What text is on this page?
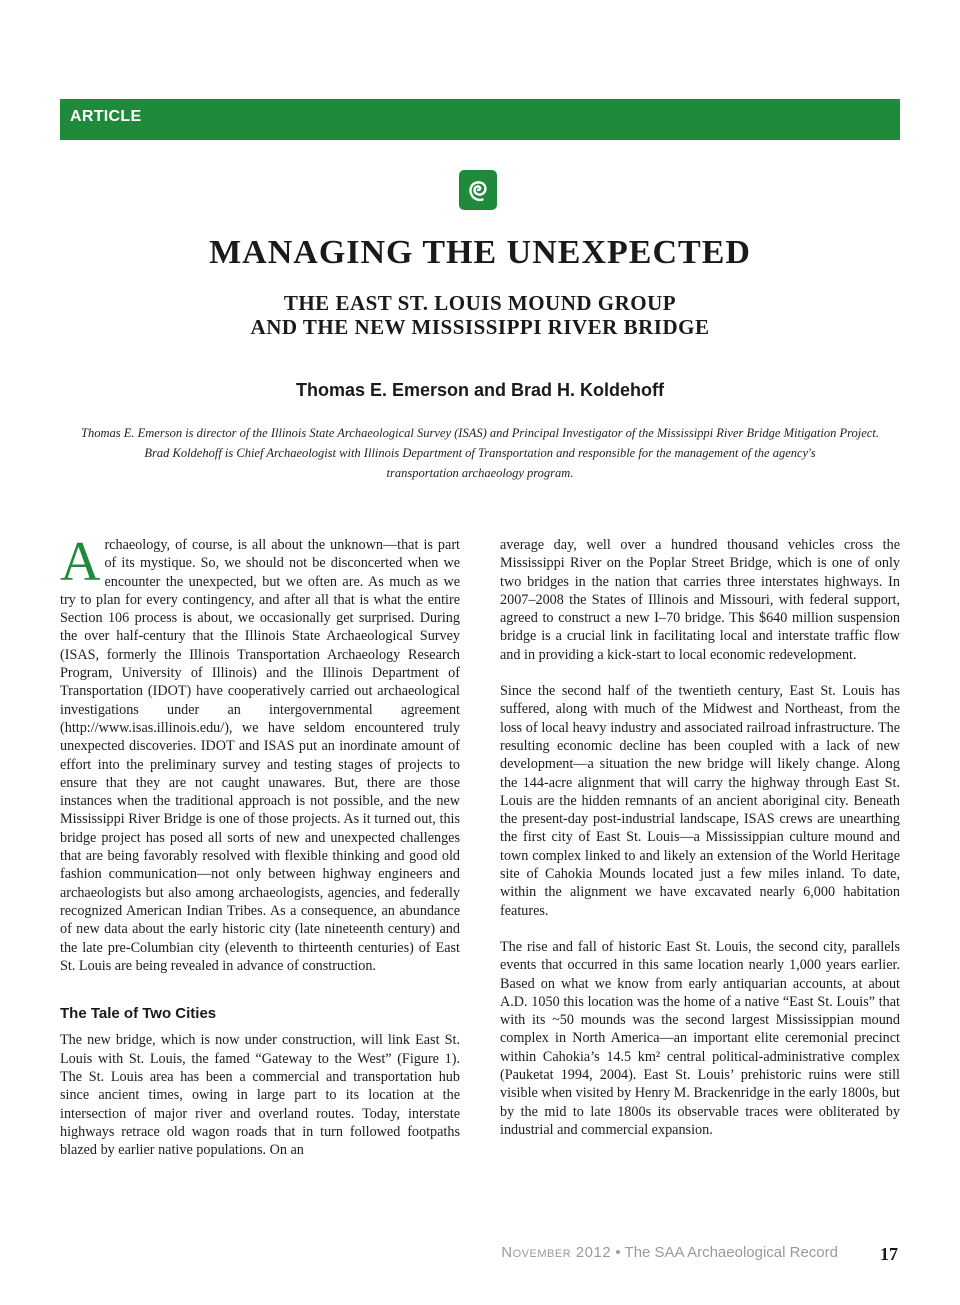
ARTICLE
MANAGING THE UNEXPECTED
THE EAST ST. LOUIS MOUND GROUP
AND THE NEW MISSISSIPPI RIVER BRIDGE
Thomas E. Emerson and Brad H. Koldehoff
Thomas E. Emerson is director of the Illinois State Archaeological Survey (ISAS) and Principal Investigator of the Mississippi River Bridge Mitigation Project.
Brad Koldehoff is Chief Archaeologist with Illinois Department of Transportation and responsible for the management of the agency's
transportation archaeology program.

Archaeology, of course, is all about the unknown—that is part of its mystique. So, we should not be disconcerted when we encounter the unexpected, but we often are. As much as we try to plan for every contingency, and after all that is what the entire Section 106 process is about, we occasionally get surprised. During the over half-century that the Illinois State Archaeological Survey (ISAS, formerly the Illinois Transportation Archaeology Research Program, University of Illinois) and the Illinois Department of Transportation (IDOT) have cooperatively carried out archaeological investigations under an intergovernmental agreement (http://www.isas.illinois.edu/), we have seldom encountered truly unexpected discoveries. IDOT and ISAS put an inordinate amount of effort into the preliminary survey and testing stages of projects to ensure that they are not caught unawares. But, there are those instances when the traditional approach is not possible, and the new Mississippi River Bridge is one of those projects. As it turned out, this bridge project has posed all sorts of new and unexpected challenges that are being favorably resolved with flexible thinking and good old fashion communication—not only between highway engineers and archaeologists but also among archaeologists, agencies, and federally recognized American Indian Tribes. As a consequence, an abundance of new data about the early historic city (late nineteenth century) and the late pre-Columbian city (eleventh to thirteenth centuries) of East St. Louis are being revealed in advance of construction.

The Tale of Two Cities

The new bridge, which is now under construction, will link East St. Louis with St. Louis, the famed “Gateway to the West” (Figure 1). The St. Louis area has been a commercial and transportation hub since ancient times, owing in large part to its location at the intersection of major river and overland routes. Today, interstate highways retrace old wagon roads that in turn followed footpaths blazed by earlier native populations. On an

average day, well over a hundred thousand vehicles cross the Mississippi River on the Poplar Street Bridge, which is one of only two bridges in the nation that carries three interstates highways. In 2007–2008 the States of Illinois and Missouri, with federal support, agreed to construct a new I–70 bridge. This $640 million suspension bridge is a crucial link in facilitating local and interstate traffic flow and in providing a kick-start to local economic redevelopment.

Since the second half of the twentieth century, East St. Louis has suffered, along with much of the Midwest and Northeast, from the loss of local heavy industry and associated railroad infrastructure. The resulting economic decline has been coupled with a lack of new development—a situation the new bridge will likely change. Along the 144-acre alignment that will carry the highway through East St. Louis are the hidden remnants of an ancient aboriginal city. Beneath the present-day post-industrial landscape, ISAS crews are unearthing the first city of East St. Louis—a Mississippian culture mound and town complex linked to and likely an extension of the World Heritage site of Cahokia Mounds located just a few miles inland. To date, within the alignment we have excavated nearly 6,000 habitation features.

The rise and fall of historic East St. Louis, the second city, parallels events that occurred in this same location nearly 1,000 years earlier. Based on what we know from early antiquarian accounts, at about A.D. 1050 this location was the home of a native “East St. Louis” that with its ~50 mounds was the second largest Mississippian mound complex in North America—an important elite ceremonial precinct within Cahokia’s 14.5 km² central political-administrative complex (Pauketat 1994, 2004). East St. Louis’ prehistoric ruins were still visible when visited by Henry M. Brackenridge in the early 1800s, but by the mid to late 1800s its observable traces were obliterated by industrial and commercial expansion.

November 2012 • The SAA Archaeological Record 17
